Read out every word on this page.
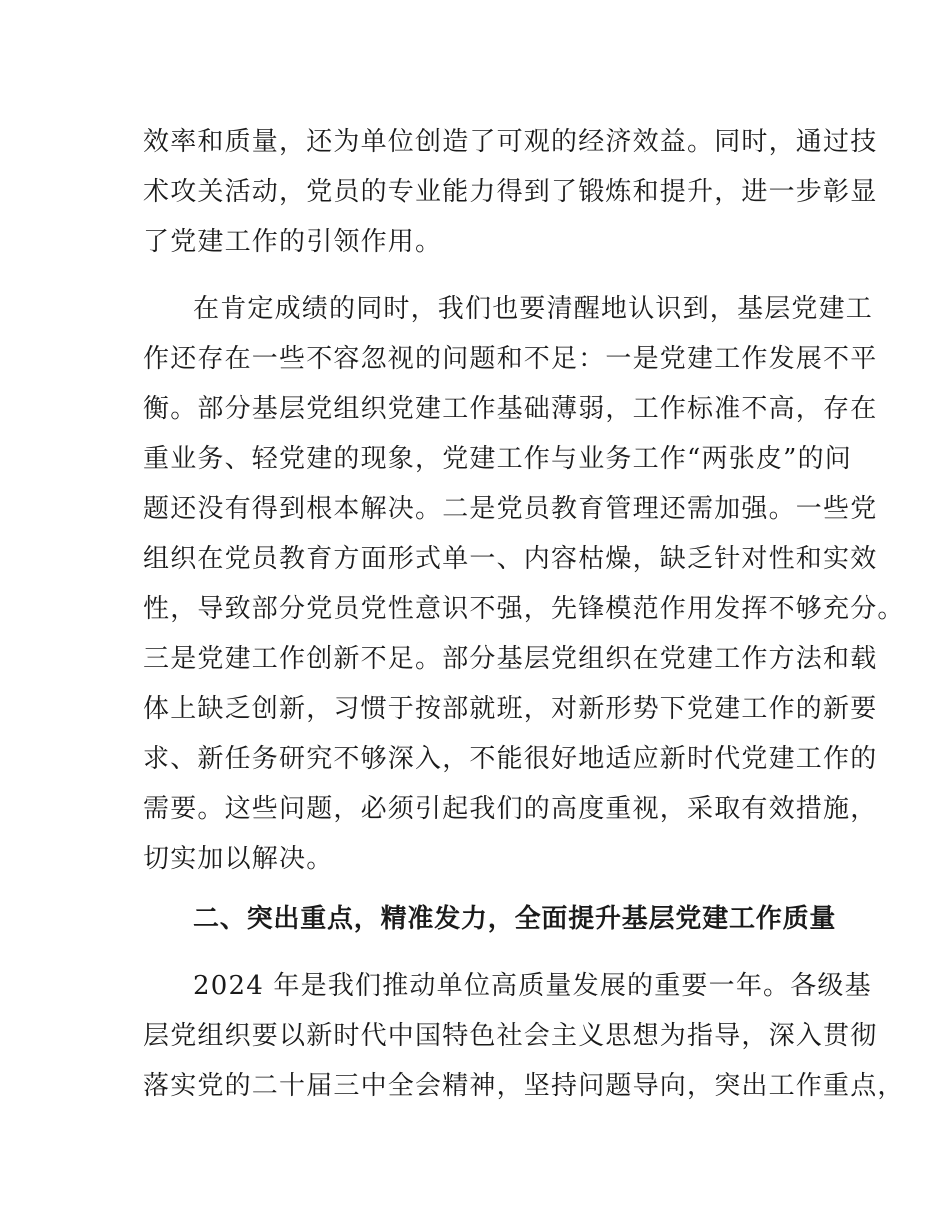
效率和质量，还为单位创造了可观的经济效益。同时，通过技
术攻关活动，党员的专业能力得到了锻炼和提升，进一步彰显
了党建工作的引领作用。
在肯定成绩的同时，我们也要清醒地认识到，基层党建工
作还存在一些不容忽视的问题和不足：一是党建工作发展不平
衡。部分基层党组织党建工作基础薄弱，工作标准不高，存在
重业务、轻党建的现象，党建工作与业务工作“两张皮”的问
题还没有得到根本解决。二是党员教育管理还需加强。一些党
组织在党员教育方面形式单一、内容枯燥，缺乏针对性和实效
性，导致部分党员党性意识不强，先锋模范作用发挥不够充分。
三是党建工作创新不足。部分基层党组织在党建工作方法和载
体上缺乏创新，习惯于按部就班，对新形势下党建工作的新要
求、新任务研究不够深入，不能很好地适应新时代党建工作的
需要。这些问题，必须引起我们的高度重视，采取有效措施，
切实加以解决。
二、突出重点，精准发力，全面提升基层党建工作质量
2024 年是我们推动单位高质量发展的重要一年。各级基
层党组织要以新时代中国特色社会主义思想为指导，深入贯彻
落实党的二十届三中全会精神，坚持问题导向，突出工作重点，
